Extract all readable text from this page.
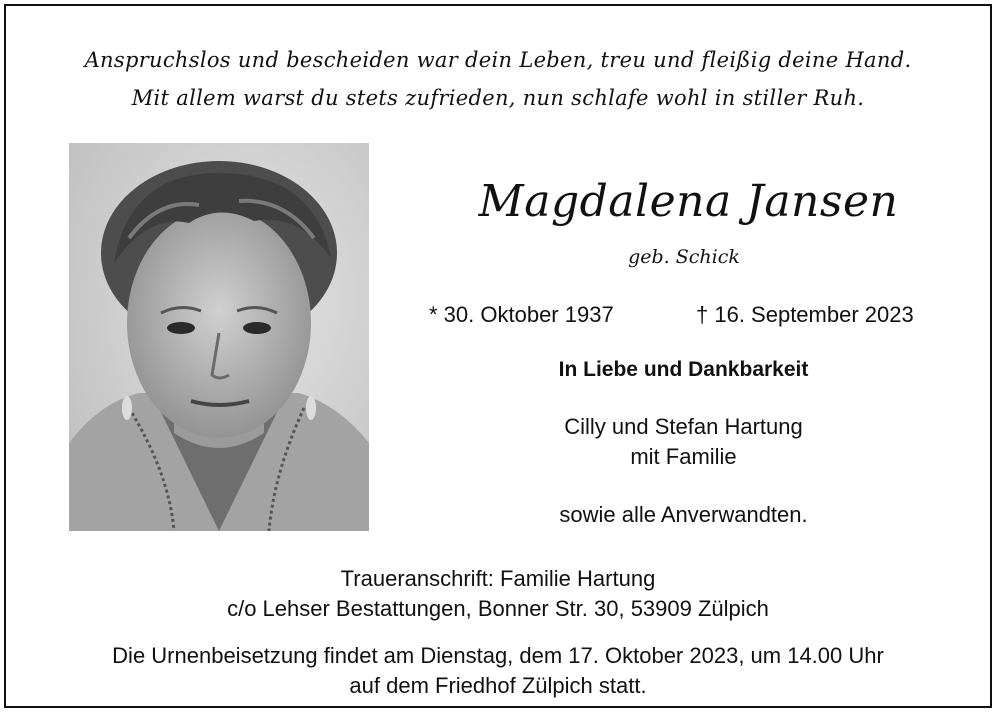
Anspruchslos und bescheiden war dein Leben, treu und fleißig deine Hand.
Mit allem warst du stets zufrieden, nun schlafe wohl in stiller Ruh.
Magdalena Jansen
geb. Schick
* 30. Oktober 1937	† 16. September 2023
In Liebe und Dankbarkeit
Cilly und Stefan Hartung
mit Familie
sowie alle Anverwandten.
Traueranschrift: Familie Hartung
c/o Lehser Bestattungen, Bonner Str. 30, 53909 Zülpich
Die Urnenbeisetzung findet am Dienstag, dem 17. Oktober 2023, um 14.00 Uhr
auf dem Friedhof Zülpich statt.
